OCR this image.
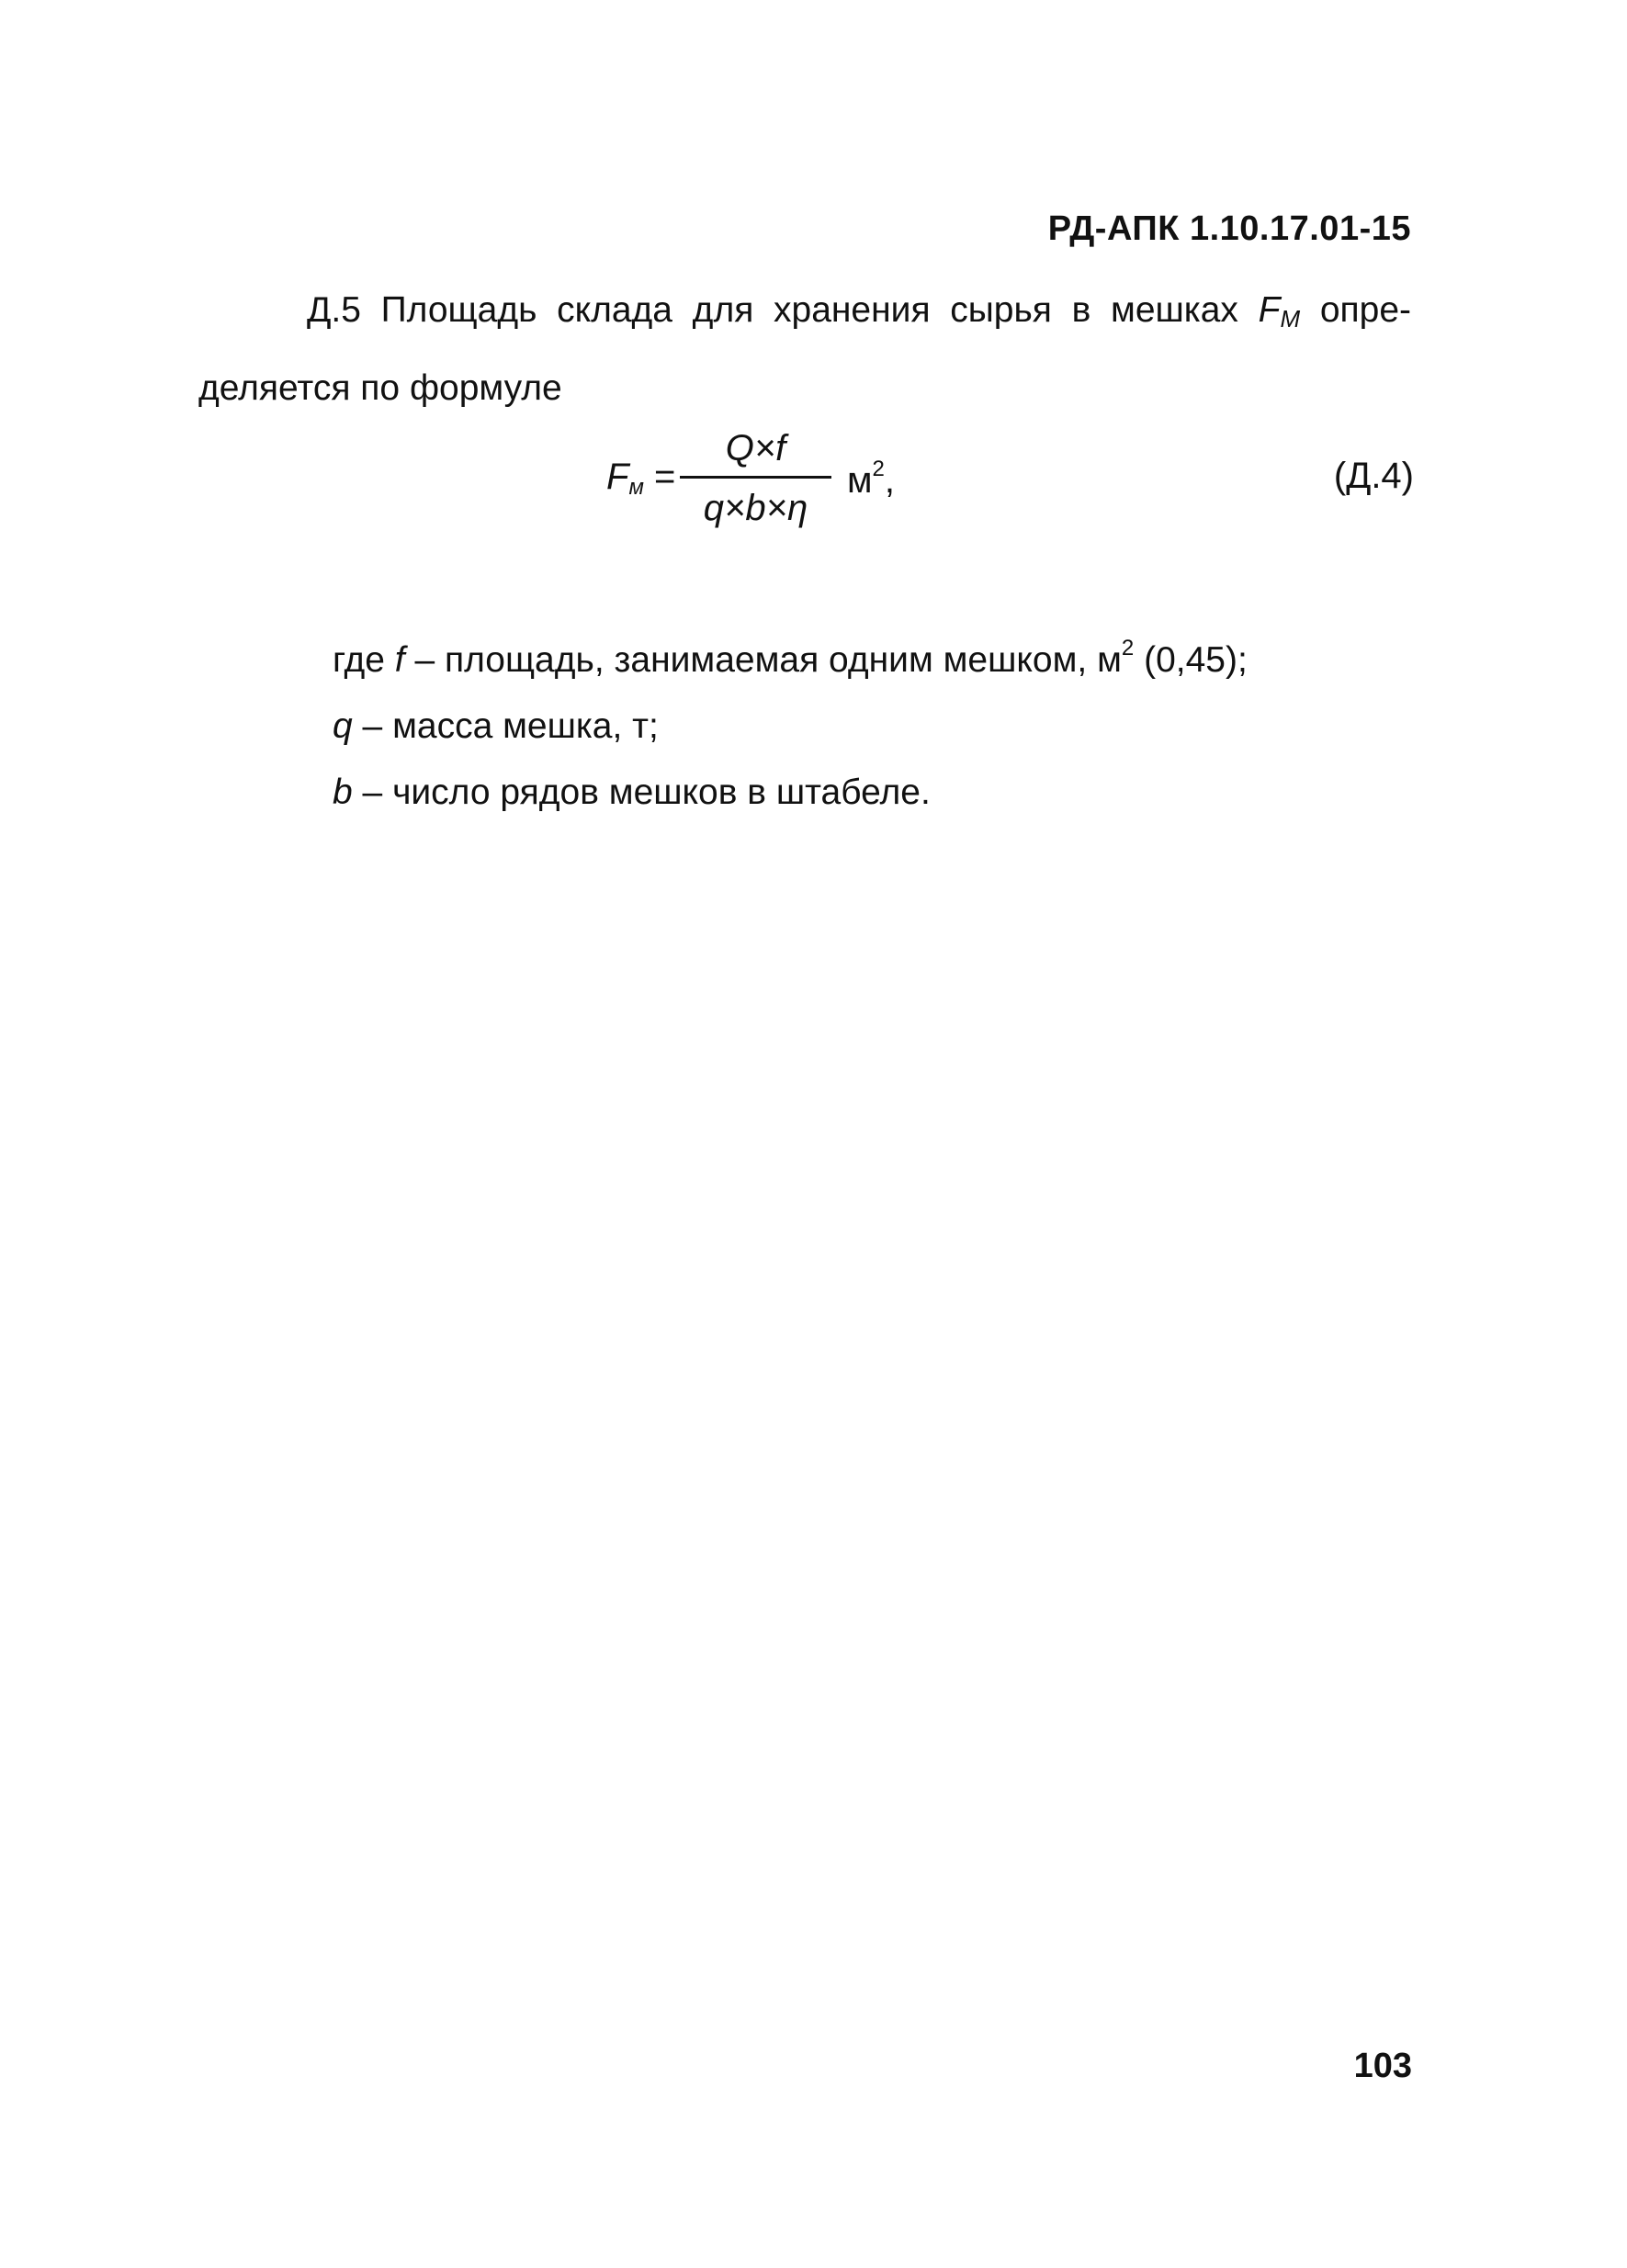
РД-АПК 1.10.17.01-15
Д.5 Площадь склада для хранения сырья в мешках $F_М$ опре-
деляется по формуле
$F_м$ =
Q×f
q×b×η
$м^2$,	(Д.4)
где f – площадь, занимаемая одним мешком, $м^2$ (0,45);
q – масса мешка, т;
b – число рядов мешков в штабеле.
103
